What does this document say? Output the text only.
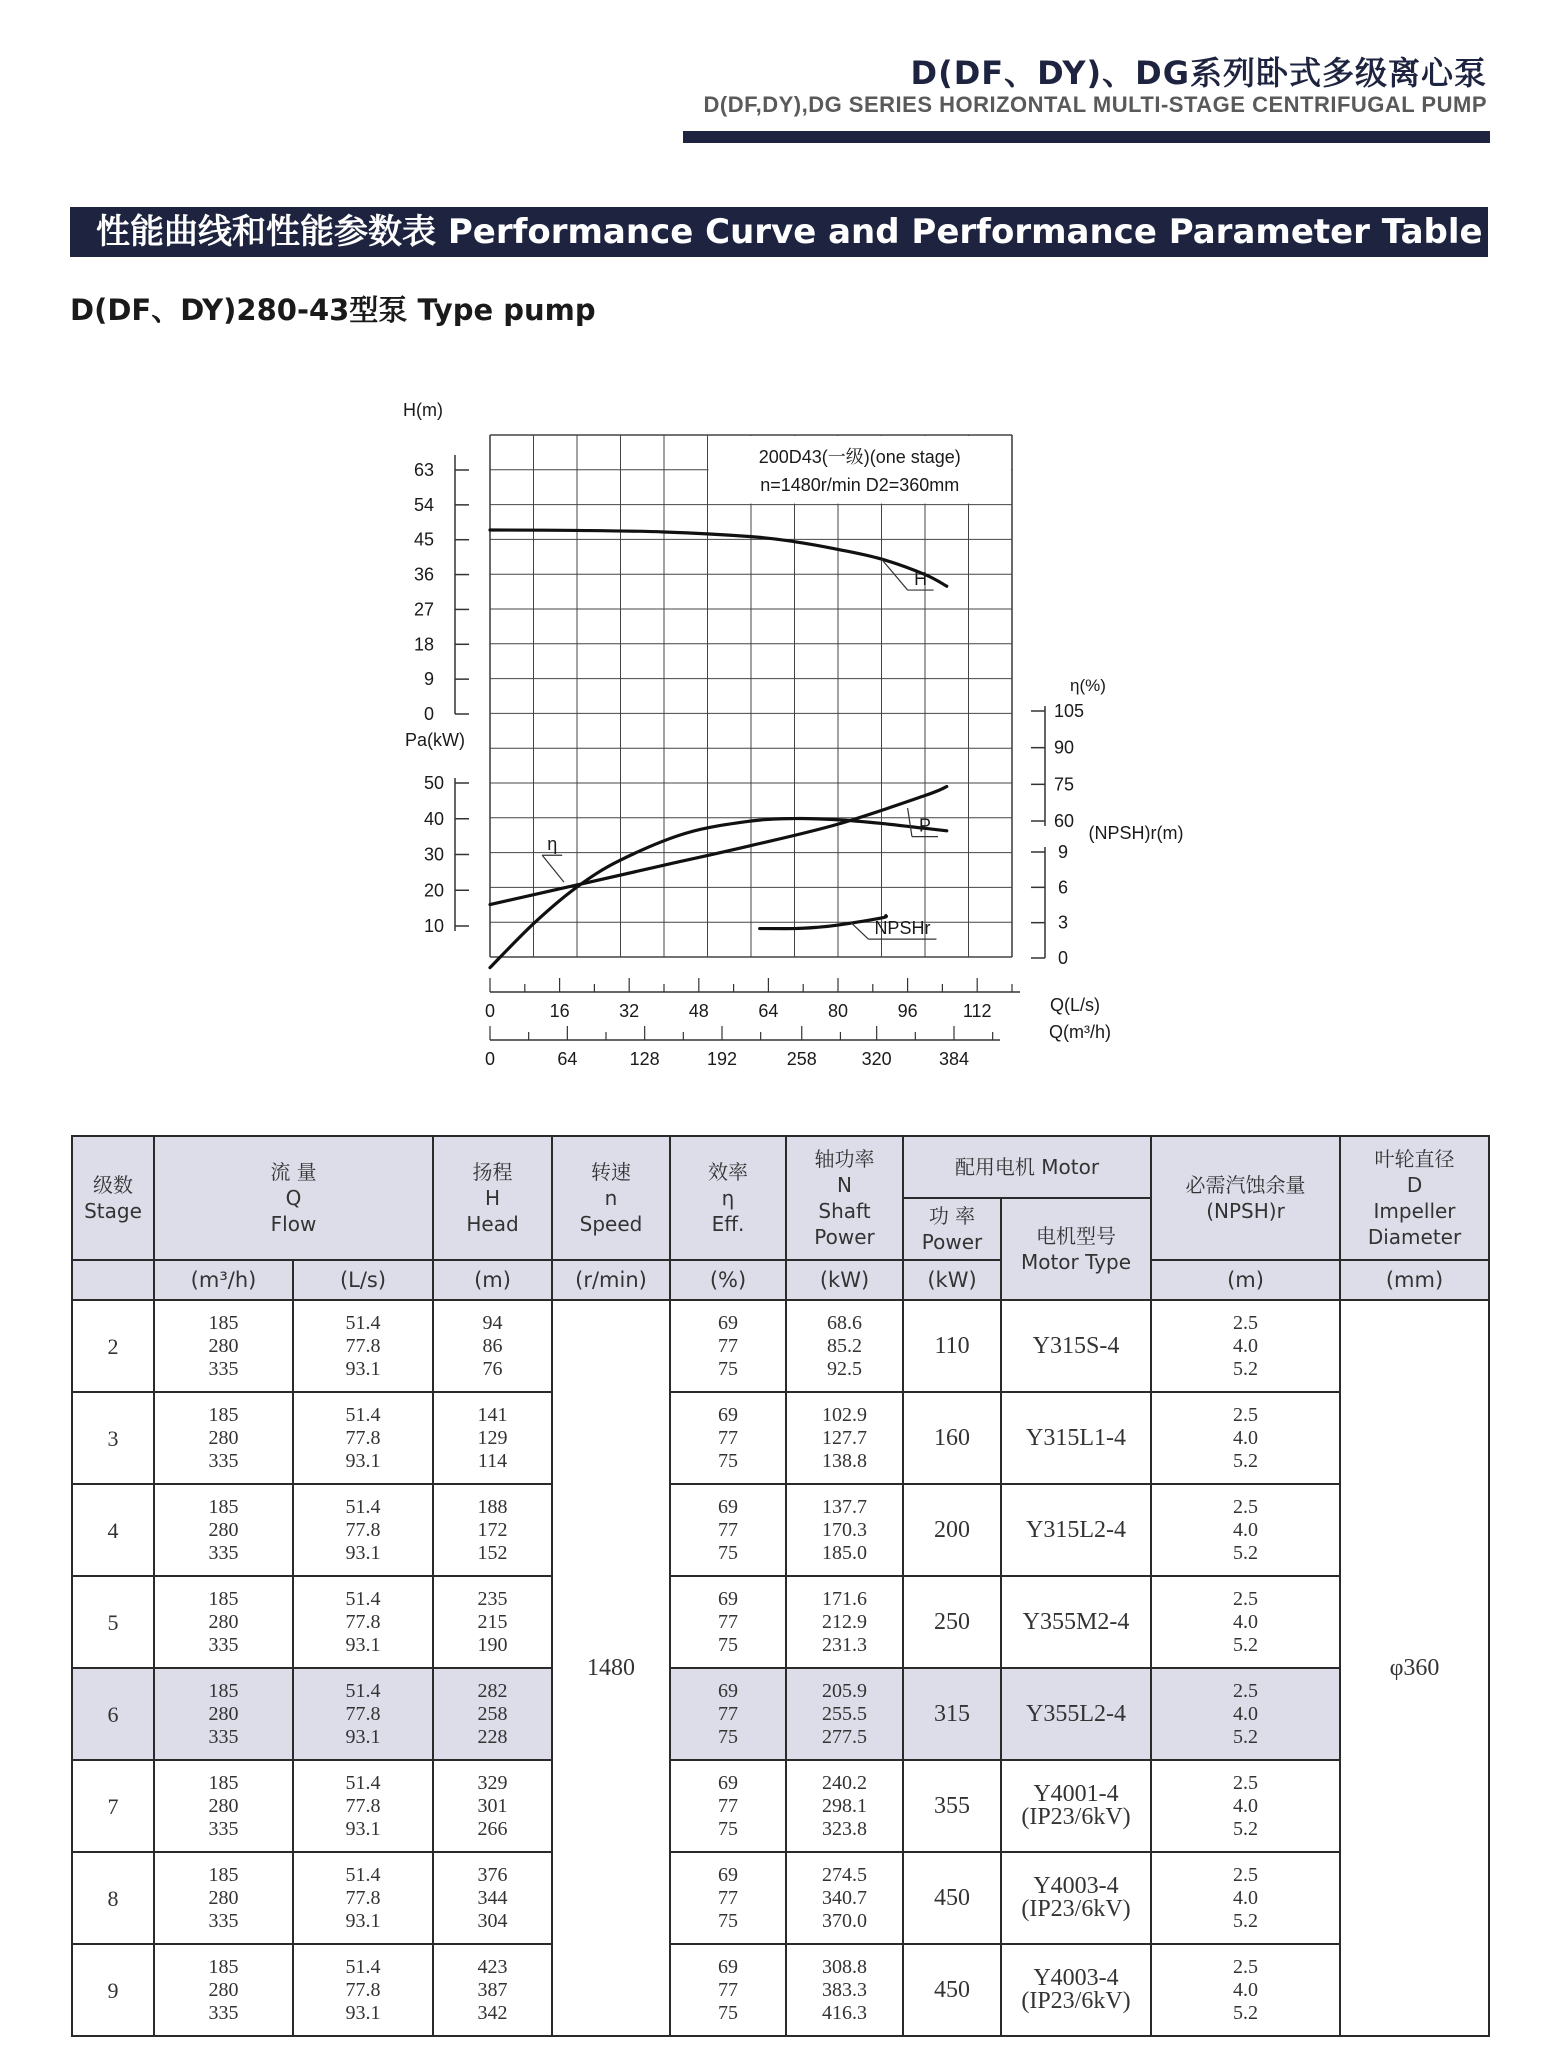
D(DF、DY)、DG系列卧式多级离心泵
D(DF,DY),DG SERIES HORIZONTAL MULTI-STAGE CENTRIFUGAL PUMP
性能曲线和性能参数表 Performance Curve and Performance Parameter Table
D(DF、DY)280-43型泵 Type pump
200D43(一级)(one stage)
n=1480r/min D2=360mm
H(m)
63
54
45
36
27
18
9
0
Pa(kW)
50
40
30
20
10
η(%)
105
90
75
60
(NPSH)r(m)
9
6
3
0
0	16	32	48	64	80	96	112	Q(L/s)
0	64	128	192	258 320	384
Q(m³/h)
H
P
η
NPSHr
级数
Stage	流 量
Q
Flow		扬程
H
Head	转速
n
Speed	效率
η
Eff.	轴功率
N
Shaft
Power	配用电机 Motor		必需汽蚀余量
(NPSH)r	叶轮直径
D
Impeller
Diameter

							功 率
Power	电机型号
Motor Type		

	(m³/h)	(L/s)	(m)	(r/min)	(%)	(kW)	(kW)		(m)	(mm)

2	185
280
335	51.4
77.8
93.1	94
86
76	1480	69
77
75	68.6
85.2
92.5	110	Y315S-4	2.5
4.0
5.2	φ360

3	185
280
335	51.4
77.8
93.1	141
129
114		69
77
75	102.9
127.7
138.8	160	Y315L1-4	2.5
4.0
5.2	

4	185
280
335	51.4
77.8
93.1	188
172
152		69
77
75	137.7
170.3
185.0	200	Y315L2-4	2.5
4.0
5.2	

5	185
280
335	51.4
77.8
93.1	235
215
190		69
77
75	171.6
212.9
231.3	250	Y355M2-4	2.5
4.0
5.2	

6	185
280
335	51.4
77.8
93.1	282
258
228		69
77
75	205.9
255.5
277.5	315	Y355L2-4	2.5
4.0
5.2	

7	185
280
335	51.4
77.8
93.1	329
301
266		69
77
75	240.2
298.1
323.8	355	Y4001-4
(IP23/6kV)	2.5
4.0
5.2	

8	185
280
335	51.4
77.8
93.1	376
344
304		69
77
75	274.5
340.7
370.0	450	Y4003-4
(IP23/6kV)	2.5
4.0
5.2	

9	185
280
335	51.4
77.8
93.1	423
387
342		69
77
75	308.8
383.3
416.3	450	Y4003-4
(IP23/6kV)	2.5
4.0
5.2	
